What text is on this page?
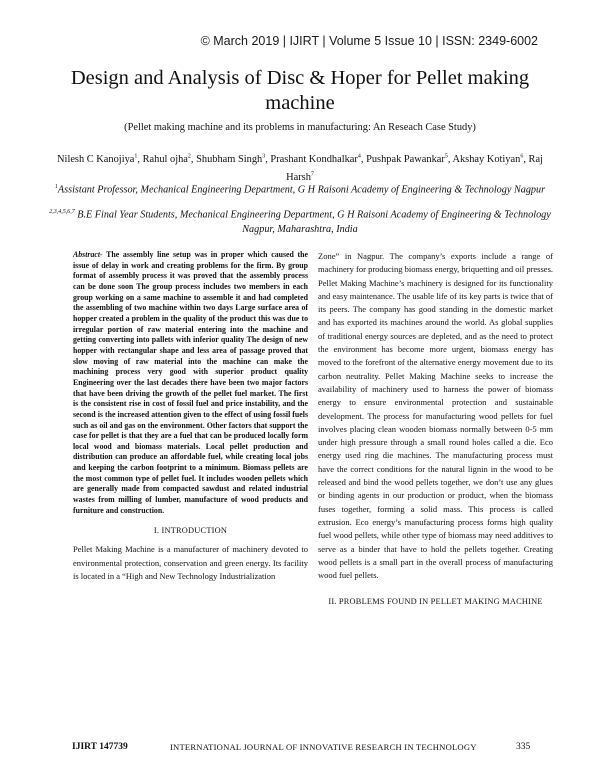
© March 2019 | IJIRT | Volume 5 Issue 10 | ISSN: 2349-6002
Design and Analysis of Disc & Hoper for Pellet making
machine
(Pellet making machine and its problems in manufacturing: An Reseach Case Study)
Nilesh C Kanojiya$^1$, Rahul ojha$^2$, Shubham Singh$^3$, Prashant Kondhalkar$^4$, Pushpak Pawankar$^5$, Akshay Kotiyan$^6$, Raj Harsh$^7$
$^1$Assistant Professor, Mechanical Engineering Department, G H Raisoni Academy of Engineering & Technology Nagpur
$^{2,3,4,5,6,7}$ B.E Final Year Students, Mechanical Engineering Department, G H Raisoni Academy of Engineering & Technology Nagpur, Maharashtra, India

Abstract- The assembly line setup was in proper which caused the issue of delay in work and creating problems for the firm. By group format of assembly process it was proved that the assembly process can be done soon The group process includes two members in each group working on a same machine to assemble it and had completed the assembling of two machine within two days Large surface area of hopper created a problem in the quality of the product this was due to irregular portion of raw material entering into the machine and getting converting into pallets with inferior quality The design of new hopper with rectangular shape and less area of passage proved that slow moving of raw material into the machine can make the machining process very good with superior product quality Engineering over the last decades there have been two major factors that have been driving the growth of the pellet fuel market. The first is the consistent rise in cost of fossil fuel and price instability, and the second is the increased attention given to the effect of using fossil fuels such as oil and gas on the environment. Other factors that support the case for pellet is that they are a fuel that can be produced locally form local wood and biomass materials. Local pellet production and distribution can produce an affordable fuel, while creating local jobs and keeping the carbon footprint to a minimum. Biomass pellets are the most common type of pellet fuel. It includes wooden pellets which are generally made from compacted sawdust and related industrial wastes from milling of lumber, manufacture of wood products and furniture and construction.

I. INTRODUCTION

Pellet Making Machine is a manufacturer of machinery devoted to environmental protection, conservation and green energy. Its facility is located in a “High and New Technology Industrialization

Zone” in Nagpur. The company’s exports include a range of machinery for producing biomass energy, briquetting and oil presses. Pellet Making Machine’s machinery is designed for its functionality and easy maintenance. The usable life of its key parts is twice that of its peers. The company has good standing in the domestic market and has exported its machines around the world. As global supplies of traditional energy sources are depleted, and as the need to protect the environment has become more urgent, biomass energy has moved to the forefront of the alternative energy movement due to its carbon neutrality. Pellet Making Machine seeks to increase the availability of machinery used to harness the power of biomass energy to ensure environmental protection and sustainable development. The process for manufacturing wood pellets for fuel involves placing clean wooden biomass normally between 0-5 mm under high pressure through a small round holes called a die. Eco energy used ring die machines. The manufacturing process must have the correct conditions for the natural lignin in the wood to be released and bind the wood pellets together, we don’t use any glues or binding agents in our production or product, when the biomass fuses together, forming a solid mass. This process is called extrusion. Eco energy’s manufacturing process forms high quality fuel wood pellets, while other type of biomass may need additives to serve as a binder that have to hold the pellets together. Creating wood pellets is a small part in the overall process of manufacturing wood fuel pellets.

II. PROBLEMS FOUND IN PELLET MAKING MACHINE
IJIRT 147739	INTERNATIONAL JOURNAL OF INNOVATIVE RESEARCH IN TECHNOLOGY	335
